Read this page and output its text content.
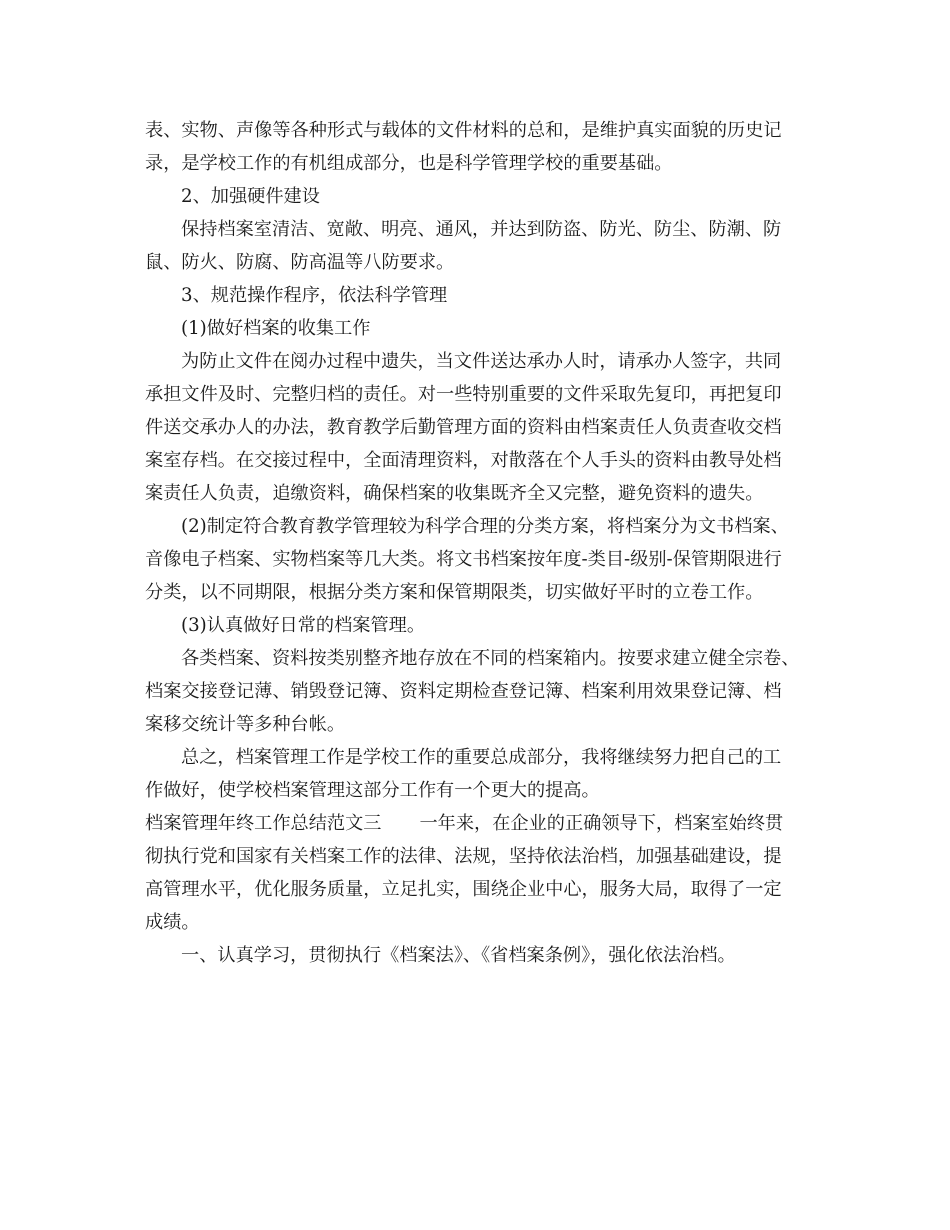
表、实物、声像等各种形式与载体的文件材料的总和，是维护真实面貌的历史记
录，是学校工作的有机组成部分，也是科学管理学校的重要基础。
2、加强硬件建设
保持档案室清洁、宽敞、明亮、通风，并达到防盗、防光、防尘、防潮、防
鼠、防火、防腐、防高温等八防要求。
3、规范操作程序，依法科学管理
(1)做好档案的收集工作
为防止文件在阅办过程中遗失，当文件送达承办人时，请承办人签字，共同
承担文件及时、完整归档的责任。对一些特别重要的文件采取先复印，再把复印
件送交承办人的办法，教育教学后勤管理方面的资料由档案责任人负责查收交档
案室存档。在交接过程中，全面清理资料，对散落在个人手头的资料由教导处档
案责任人负责，追缴资料，确保档案的收集既齐全又完整，避免资料的遗失。
(2)制定符合教育教学管理较为科学合理的分类方案，将档案分为文书档案、
音像电子档案、实物档案等几大类。将文书档案按年度-类目-级别-保管期限进行
分类，以不同期限，根据分类方案和保管期限类，切实做好平时的立卷工作。
(3)认真做好日常的档案管理。
各类档案、资料按类别整齐地存放在不同的档案箱内。按要求建立健全宗卷、
档案交接登记薄、销毁登记簿、资料定期检查登记簿、档案利用效果登记簿、档
案移交统计等多种台帐。
总之，档案管理工作是学校工作的重要总成部分，我将继续努力把自己的工
作做好，使学校档案管理这部分工作有一个更大的提高。
档案管理年终工作总结范文三 一年来，在企业的正确领导下，档案室始终贯
彻执行党和国家有关档案工作的法律、法规，坚持依法治档，加强基础建设，提
高管理水平，优化服务质量，立足扎实，围绕企业中心，服务大局，取得了一定
成绩。
一、认真学习，贯彻执行《档案法》、《省档案条例》，强化依法治档。
